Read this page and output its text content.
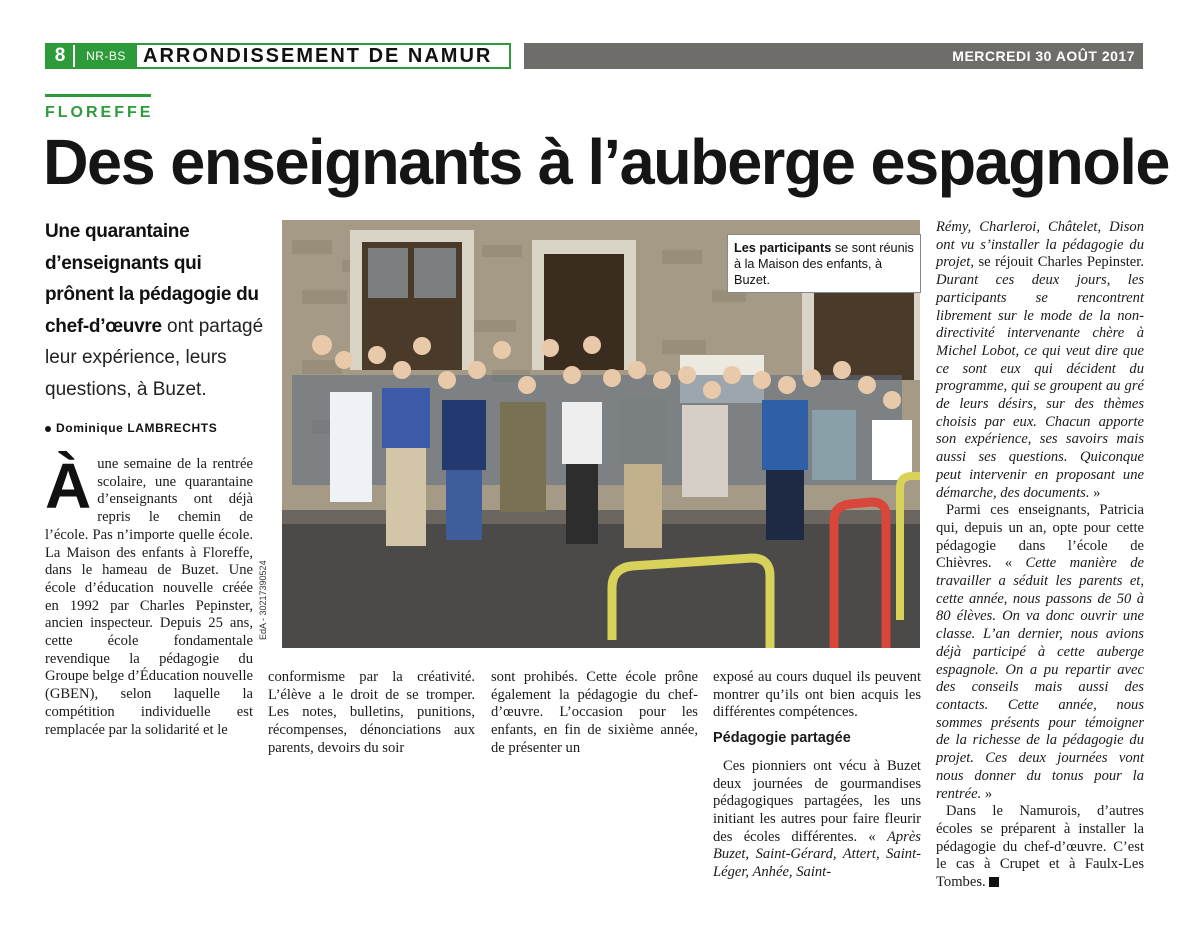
8	NR-BS ARRONDISSEMENT DE NAMUR	MERCREDI 30 AOÛT 2017
FLOREFFE
Des enseignants à l’auberge espagnole
Une quarantaine d’enseignants qui prônent la pédagogie du chef-d’œuvre ont partagé leur expérience, leurs questions, à Buzet.
Dominique LAMBRECHTS
À une semaine de la rentrée scolaire, une quarantaine d’enseignants ont déjà repris le chemin de l’école. Pas n’importe quelle école. La Maison des enfants à Floreffe, dans le hameau de Buzet. Une école d’éducation nouvelle créée en 1992 par Charles Pepinster, ancien inspecteur. Depuis 25 ans, cette école fondamentale revendique la pédagogie du Groupe belge d’Éducation nouvelle (GBEN), selon laquelle la compétition individuelle est remplacée par la solidarité et le
Les participants se sont réunis à la Maison des enfants, à Buzet.
EdA - 30217390524

conformisme par la créativité. L’élève a le droit de se tromper. Les notes, bulletins, punitions, récompenses, dénonciations aux parents, devoirs du soir

sont prohibés. Cette école prône également la pédagogie du chef-d’œuvre. L’occasion pour les enfants, en fin de sixième année, de présenter un

exposé au cours duquel ils peuvent montrer qu’ils ont bien acquis les différentes compétences.

Pédagogie partagée

Ces pionniers ont vécu à Buzet deux journées de gourmandises pédagogiques partagées, les uns initiant les autres pour faire fleurir des écoles différentes. « Après Buzet, Saint-Gérard, Attert, Saint-Léger, Anhée, Saint-

Rémy, Charleroi, Châtelet, Dison ont vu s’installer la pédagogie du projet, se réjouit Charles Pepinster. Durant ces deux jours, les participants se rencontrent librement sur le mode de la non-directivité intervenante chère à Michel Lobot, ce qui veut dire que ce sont eux qui décident du programme, qui se groupent au gré de leurs désirs, sur des thèmes choisis par eux. Chacun apporte son expérience, ses savoirs mais aussi ses questions. Quiconque peut intervenir en proposant une démarche, des documents. »

Parmi ces enseignants, Patricia qui, depuis un an, opte pour cette pédagogie dans l’école de Chièvres. « Cette manière de travailler a séduit les parents et, cette année, nous passons de 50 à 80 élèves. On va donc ouvrir une classe. L’an dernier, nous avions déjà participé à cette auberge espagnole. On a pu repartir avec des conseils mais aussi des contacts. Cette année, nous sommes présents pour témoigner de la richesse de la pédagogie du projet. Ces deux journées vont nous donner du tonus pour la rentrée. »

Dans le Namurois, d’autres écoles se préparent à installer la pédagogie du chef-d’œuvre. C’est le cas à Crupet et à Faulx-Les Tombes.
